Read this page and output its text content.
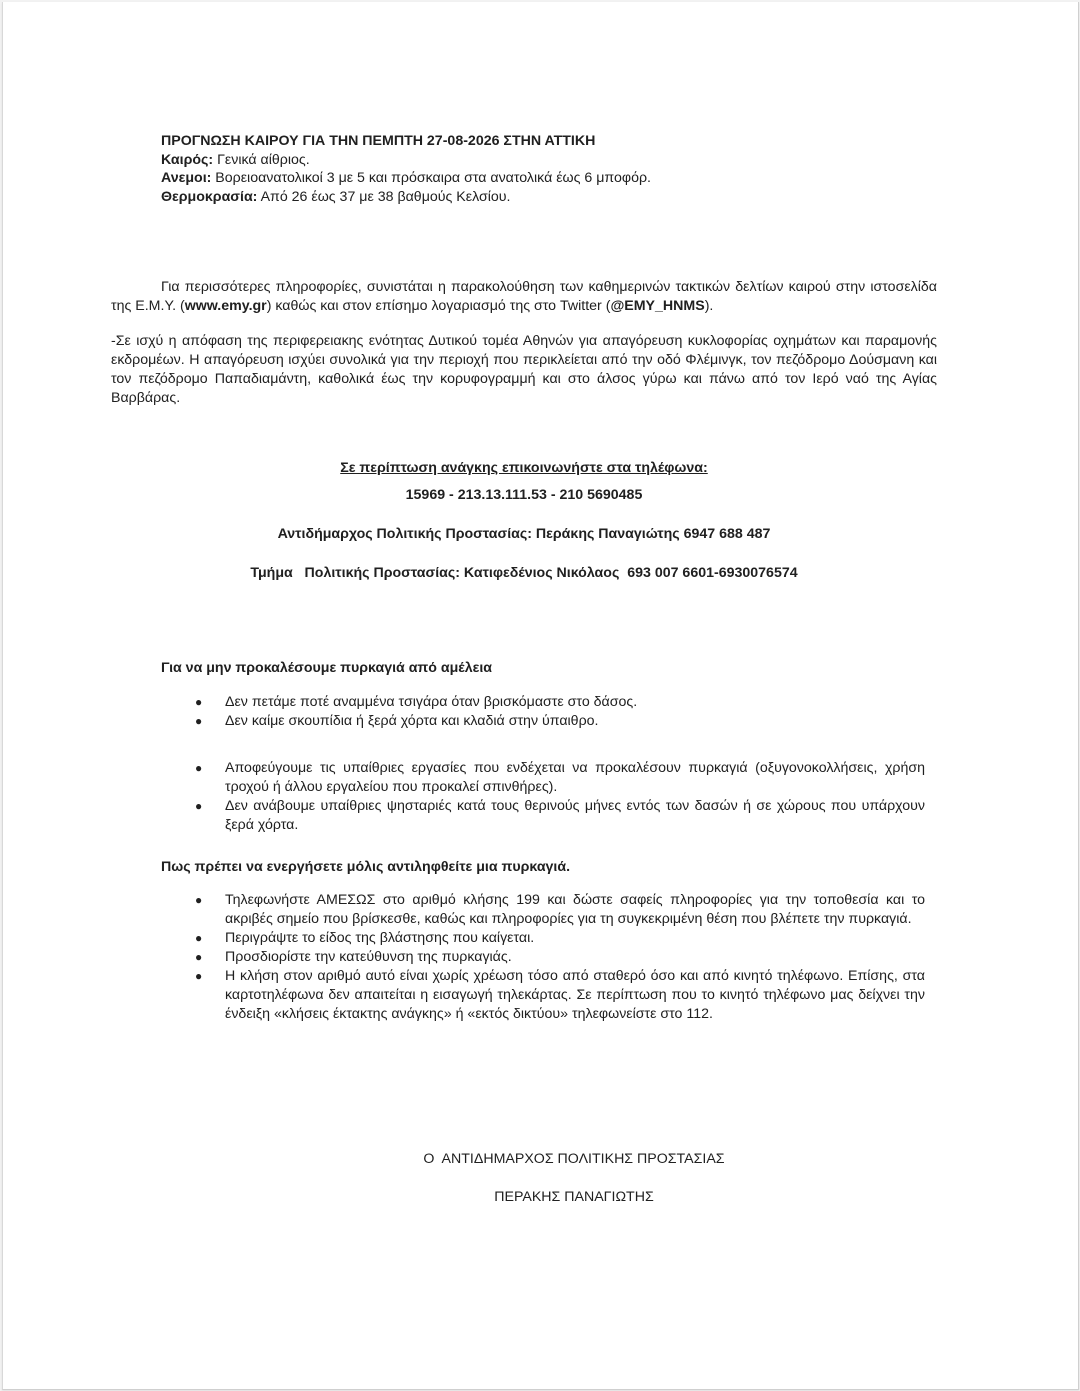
ΠΡΟΓΝΩΣΗ ΚΑΙΡΟΥ ΓΙΑ ΤΗΝ ΠΕΜΠΤΗ 27-08-2026 ΣΤΗΝ ΑΤΤΙΚΗ

Καιρός: Γενικά αίθριος.

Ανεμοι: Βορειοανατολικοί 3 με 5 και πρόσκαιρα στα ανατολικά έως 6 μποφόρ.

Θερμοκρασία: Από 26 έως 37 με 38 βαθμούς Κελσίου.

Για περισσότερες πληροφορίες, συνιστάται η παρακολούθηση των καθημερινών τακτικών δελτίων καιρού στην ιστοσελίδα της Ε.Μ.Υ. (www.emy.gr) καθώς και στον επίσημο λογαριασμό της στο Twitter (@EMY_HNMS).

-Σε ισχύ η απόφαση της περιφερειακης ενότητας Δυτικού τομέα Αθηνών για απαγόρευση κυκλοφορίας οχημάτων και παραμονής εκδρομέων. Η απαγόρευση ισχύει συνολικά για την περιοχή που περικλείεται από την οδό Φλέμινγκ, τον πεζόδρομο Δούσμανη και τον πεζόδρομο Παπαδιαμάντη, καθολικά έως την κορυφογραμμή και στο άλσος γύρω και πάνω από τον Ιερό ναό της Αγίας Βαρβάρας.

Σε περίπτωση ανάγκης επικοινωνήστε στα τηλέφωνα:

15969 - 213.13.111.53 - 210 5690485

Αντιδήμαρχος Πολιτικής Προστασίας: Περάκης Παναγιώτης 6947 688 487

Τμήμα   Πολιτικής Προστασίας: Κατιφεδένιος Νικόλαος  693 007 6601-6930076574

Για να μην προκαλέσουμε πυρκαγιά από αμέλεια

● Δεν πετάμε ποτέ αναμμένα τσιγάρα όταν βρισκόμαστε στο δάσος.
● Δεν καίμε σκουπίδια ή ξερά χόρτα και κλαδιά στην ύπαιθρο.
● Αποφεύγουμε τις υπαίθριες εργασίες που ενδέχεται να προκαλέσουν πυρκαγιά (οξυγονοκολλήσεις, χρήση τροχού ή άλλου εργαλείου που προκαλεί σπινθήρες).
● Δεν ανάβουμε υπαίθριες ψησταριές κατά τους θερινούς μήνες εντός των δασών ή σε χώρους που υπάρχουν ξερά χόρτα.

Πως πρέπει να ενεργήσετε μόλις αντιληφθείτε μια πυρκαγιά.

● Τηλεφωνήστε ΑΜΕΣΩΣ στο αριθμό κλήσης 199 και δώστε σαφείς πληροφορίες για την τοποθεσία και το ακριβές σημείο που βρίσκεσθε, καθώς και πληροφορίες για τη συγκεκριμένη θέση που βλέπετε την πυρκαγιά.
● Περιγράψτε το είδος της βλάστησης που καίγεται.
● Προσδιορίστε την κατεύθυνση της πυρκαγιάς.
● Η κλήση στον αριθμό αυτό είναι χωρίς χρέωση τόσο από σταθερό όσο και από κινητό τηλέφωνο. Επίσης, στα καρτοτηλέφωνα δεν απαιτείται η εισαγωγή τηλεκάρτας. Σε περίπτωση που το κινητό τηλέφωνο μας δείχνει την ένδειξη «κλήσεις έκτακτης ανάγκης» ή «εκτός δικτύου» τηλεφωνείστε στο 112.

Ο  ΑΝΤΙΔΗΜΑΡΧΟΣ ΠΟΛΙΤΙΚΗΣ ΠΡΟΣΤΑΣΙΑΣ

ΠΕΡΑΚΗΣ ΠΑΝΑΓΙΩΤΗΣ
